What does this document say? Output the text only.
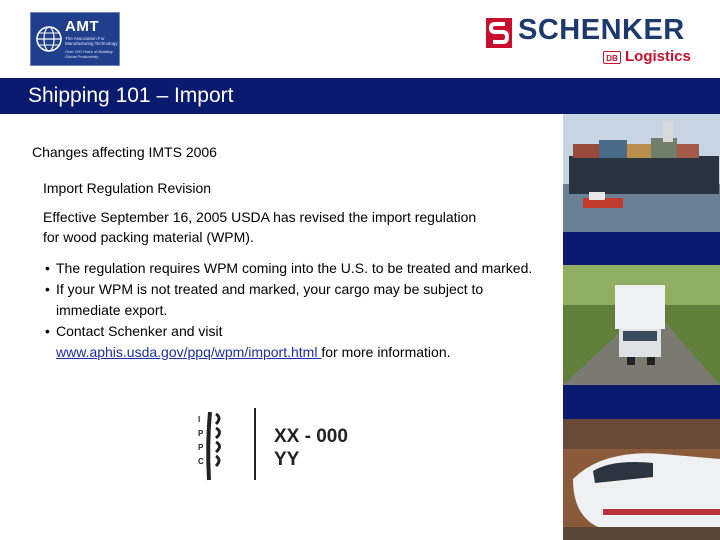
AMT
The Association For Manufacturing Technology
Over 100 Years of Building Global Productivity
SCHENKER
DB Logistics
Shipping 101 – Import
Changes affecting IMTS 2006
Import Regulation Revision
Effective September 16, 2005 USDA has revised the import regulation for wood packing material (WPM).
• The regulation requires WPM coming into the U.S. to be treated and marked.
• If your WPM is not treated and marked, your cargo may be subject to immediate export.
• Contact Schenker and visit
www.aphis.usda.gov/ppq/wpm/import.html for more information.
I
P
P
C
XX - 000
YY
